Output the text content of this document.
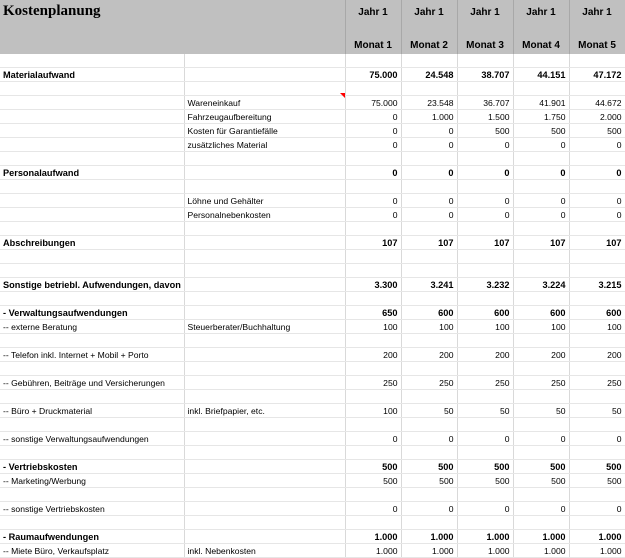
Kostenplanung		Jahr 1	Jahr 1	Jahr 1	Jahr 1	Jahr 1
		Monat 1	Monat 2	Monat 3	Monat 4	Monat 5

Materialaufwand		75.000	24.548	38.707	44.151	47.172

	Wareneinkauf	75.000	23.548	36.707	41.901	44.672
	Fahrzeugaufbereitung	0	1.000	1.500	1.750	2.000
	Kosten für Garantiefälle	0	0	500	500	500
	zusätzliches Material	0	0	0	0	0

Personalaufwand		0	0	0	0	0

	Löhne und Gehälter	0	0	0	0	0
	Personalnebenkosten	0	0	0	0	0

Abschreibungen		107	107	107	107	107

Sonstige betriebl. Aufwendungen, davon		3.300	3.241	3.232	3.224	3.215

- Verwaltungsaufwendungen		650	600	600	600	600
-- externe Beratung	Steuerberater/Buchhaltung	100	100	100	100	100

-- Telefon inkl. Internet + Mobil + Porto		200	200	200	200	200

-- Gebühren, Beiträge und Versicherungen		250	250	250	250	250

-- Büro + Druckmaterial	inkl. Briefpapier, etc.	100	50	50	50	50

-- sonstige Verwaltungsaufwendungen		0	0	0	0	0

- Vertriebskosten		500	500	500	500	500
-- Marketing/Werbung		500	500	500	500	500

-- sonstige Vertriebskosten		0	0	0	0	0

- Raumaufwendungen		1.000	1.000	1.000	1.000	1.000
-- Miete Büro, Verkaufsplatz	inkl. Nebenkosten	1.000	1.000	1.000	1.000	1.000
